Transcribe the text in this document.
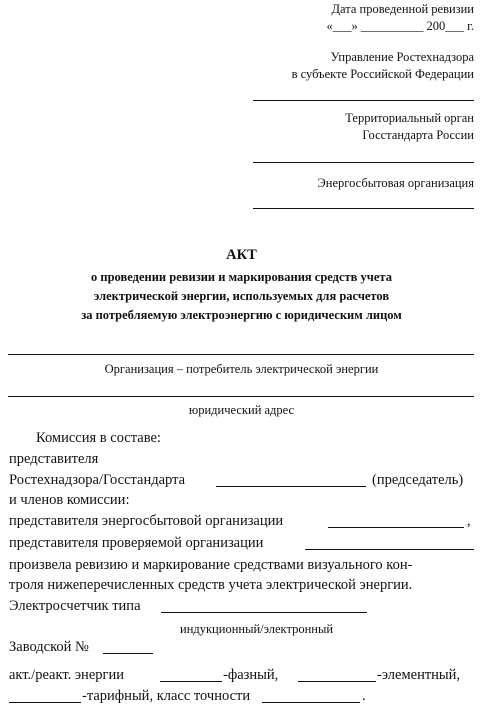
Дата проведенной ревизии
«___» __________ 200___ г.
Управление Ростехнадзора
в субъекте Российской Федерации
Территориальный орган
Госстандарта России
Энергосбытовая организация
АКТ
о проведении ревизии и маркирования средств учета
электрической энергии, используемых для расчетов
за потребляемую электроэнергию с юридическим лицом
Организация – потребитель электрической энергии
юридический адрес
Комиссия в составе:
представителя
Ростехнадзора/Госстандарта	(председатель)
и членов комиссии:
представителя энергосбытовой организации	,
представителя проверяемой организации
произвела ревизию и маркирование средствами визуального кон-
троля нижеперечисленных средств учета электрической энергии.
Электросчетчик типа
индукционный/электронный
Заводской №
акт./реакт. энергии	-фазный,	-элементный,
-тарифный, класс точности	.
